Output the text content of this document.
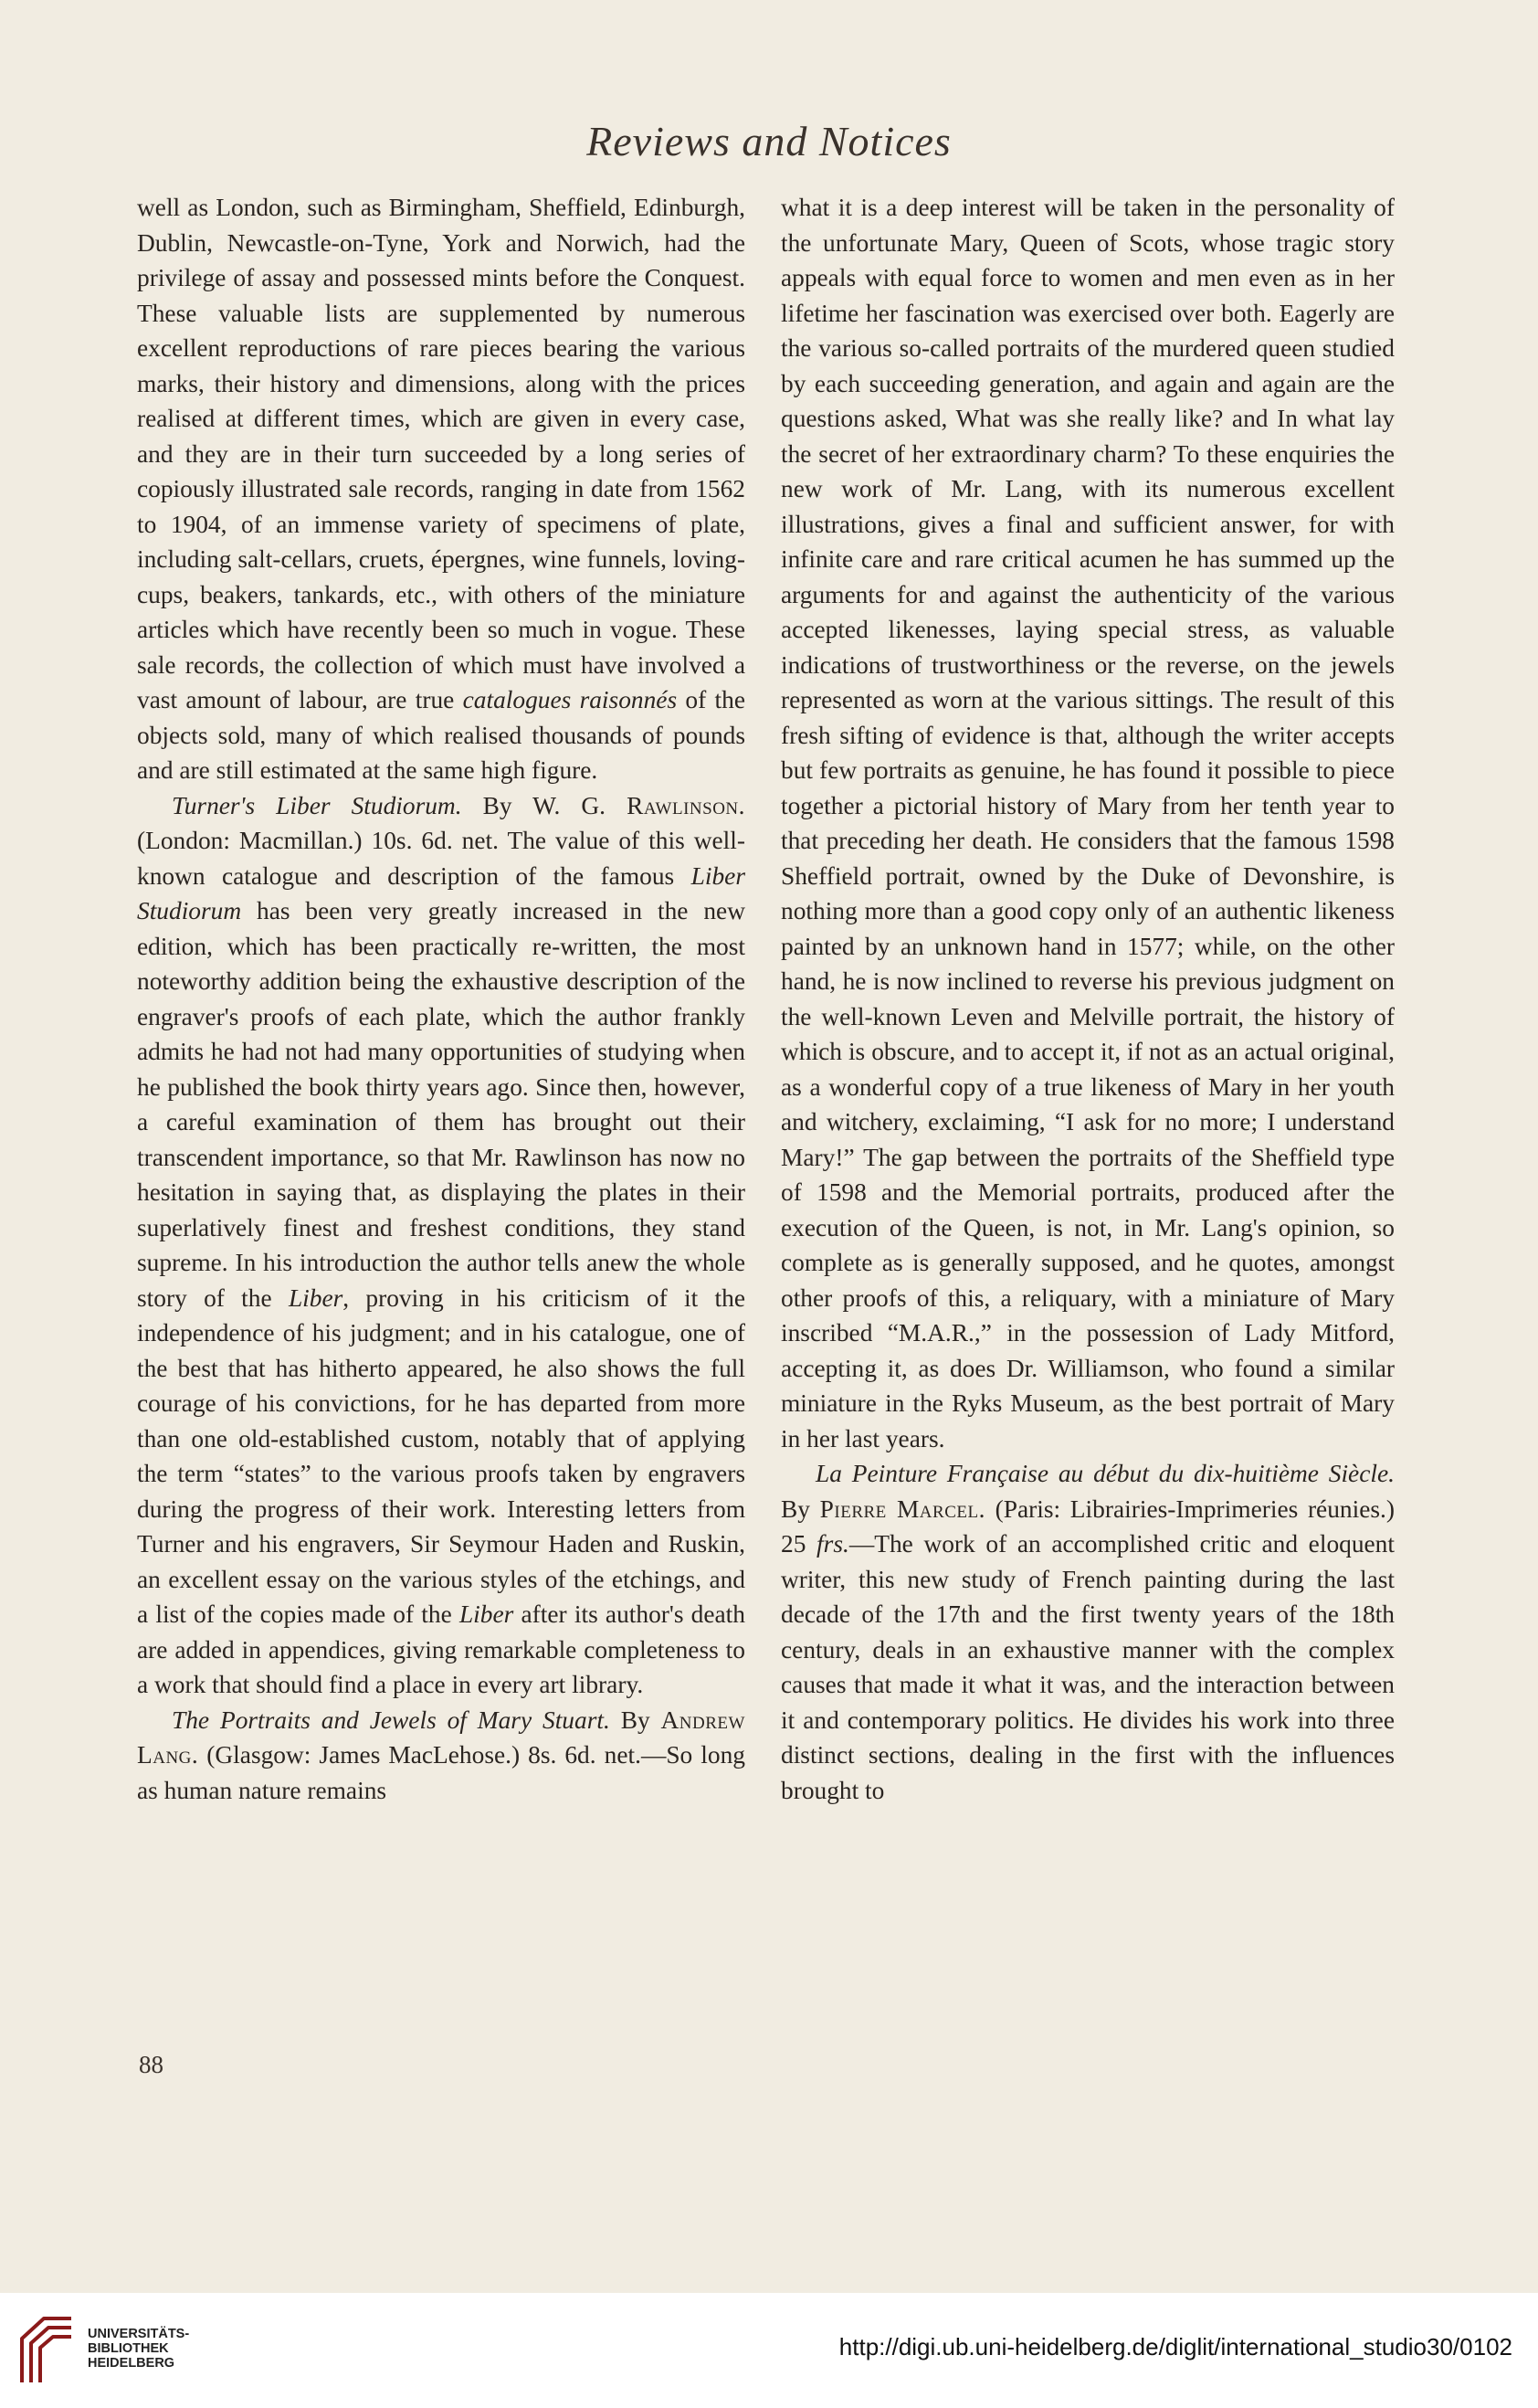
Reviews and Notices

well as London, such as Birmingham, Sheffield, Edinburgh, Dublin, Newcastle-on-Tyne, York and Norwich, had the privilege of assay and possessed mints before the Conquest. These valuable lists are supplemented by numerous excellent reproductions of rare pieces bearing the various marks, their history and dimensions, along with the prices realised at different times, which are given in every case, and they are in their turn succeeded by a long series of copiously illustrated sale records, ranging in date from 1562 to 1904, of an immense variety of specimens of plate, including salt-cellars, cruets, épergnes, wine funnels, loving-cups, beakers, tankards, etc., with others of the miniature articles which have recently been so much in vogue. These sale records, the collection of which must have involved a vast amount of labour, are true catalogues raisonnés of the objects sold, many of which realised thousands of pounds and are still estimated at the same high figure.

Turner's Liber Studiorum. By W. G. Rawlinson. (London: Macmillan.) 10s. 6d. net. The value of this well-known catalogue and description of the famous Liber Studiorum has been very greatly increased in the new edition, which has been practically re-written, the most noteworthy addition being the exhaustive description of the engraver's proofs of each plate, which the author frankly admits he had not had many opportunities of studying when he published the book thirty years ago. Since then, however, a careful examination of them has brought out their transcendent importance, so that Mr. Rawlinson has now no hesitation in saying that, as displaying the plates in their superlatively finest and freshest conditions, they stand supreme. In his introduction the author tells anew the whole story of the Liber, proving in his criticism of it the independence of his judgment; and in his catalogue, one of the best that has hitherto appeared, he also shows the full courage of his convictions, for he has departed from more than one old-established custom, notably that of applying the term “states” to the various proofs taken by engravers during the progress of their work. Interesting letters from Turner and his engravers, Sir Seymour Haden and Ruskin, an excellent essay on the various styles of the etchings, and a list of the copies made of the Liber after its author's death are added in appendices, giving remarkable completeness to a work that should find a place in every art library.

The Portraits and Jewels of Mary Stuart. By Andrew Lang. (Glasgow: James MacLehose.) 8s. 6d. net.—So long as human nature remains

what it is a deep interest will be taken in the personality of the unfortunate Mary, Queen of Scots, whose tragic story appeals with equal force to women and men even as in her lifetime her fascination was exercised over both. Eagerly are the various so-called portraits of the murdered queen studied by each succeeding generation, and again and again are the questions asked, What was she really like? and In what lay the secret of her extraordinary charm? To these enquiries the new work of Mr. Lang, with its numerous excellent illustrations, gives a final and sufficient answer, for with infinite care and rare critical acumen he has summed up the arguments for and against the authenticity of the various accepted likenesses, laying special stress, as valuable indications of trustworthiness or the reverse, on the jewels represented as worn at the various sittings. The result of this fresh sifting of evidence is that, although the writer accepts but few portraits as genuine, he has found it possible to piece together a pictorial history of Mary from her tenth year to that preceding her death. He considers that the famous 1598 Sheffield portrait, owned by the Duke of Devonshire, is nothing more than a good copy only of an authentic likeness painted by an unknown hand in 1577; while, on the other hand, he is now inclined to reverse his previous judgment on the well-known Leven and Melville portrait, the history of which is obscure, and to accept it, if not as an actual original, as a wonderful copy of a true likeness of Mary in her youth and witchery, exclaiming, “I ask for no more; I understand Mary!” The gap between the portraits of the Sheffield type of 1598 and the Memorial portraits, produced after the execution of the Queen, is not, in Mr. Lang's opinion, so complete as is generally supposed, and he quotes, amongst other proofs of this, a reliquary, with a miniature of Mary inscribed “M.A.R.,” in the possession of Lady Mitford, accepting it, as does Dr. Williamson, who found a similar miniature in the Ryks Museum, as the best portrait of Mary in her last years.

La Peinture Française au début du dix-huitième Siècle. By Pierre Marcel. (Paris: Librairies-Imprimeries réunies.) 25 frs.—The work of an accomplished critic and eloquent writer, this new study of French painting during the last decade of the 17th and the first twenty years of the 18th century, deals in an exhaustive manner with the complex causes that made it what it was, and the interaction between it and contemporary politics. He divides his work into three distinct sections, dealing in the first with the influences brought to

88
UNIVERSITÄTS-
BIBLIOTHEK
HEIDELBERG
http://digi.ub.uni-heidelberg.de/diglit/international_studio30/0102
